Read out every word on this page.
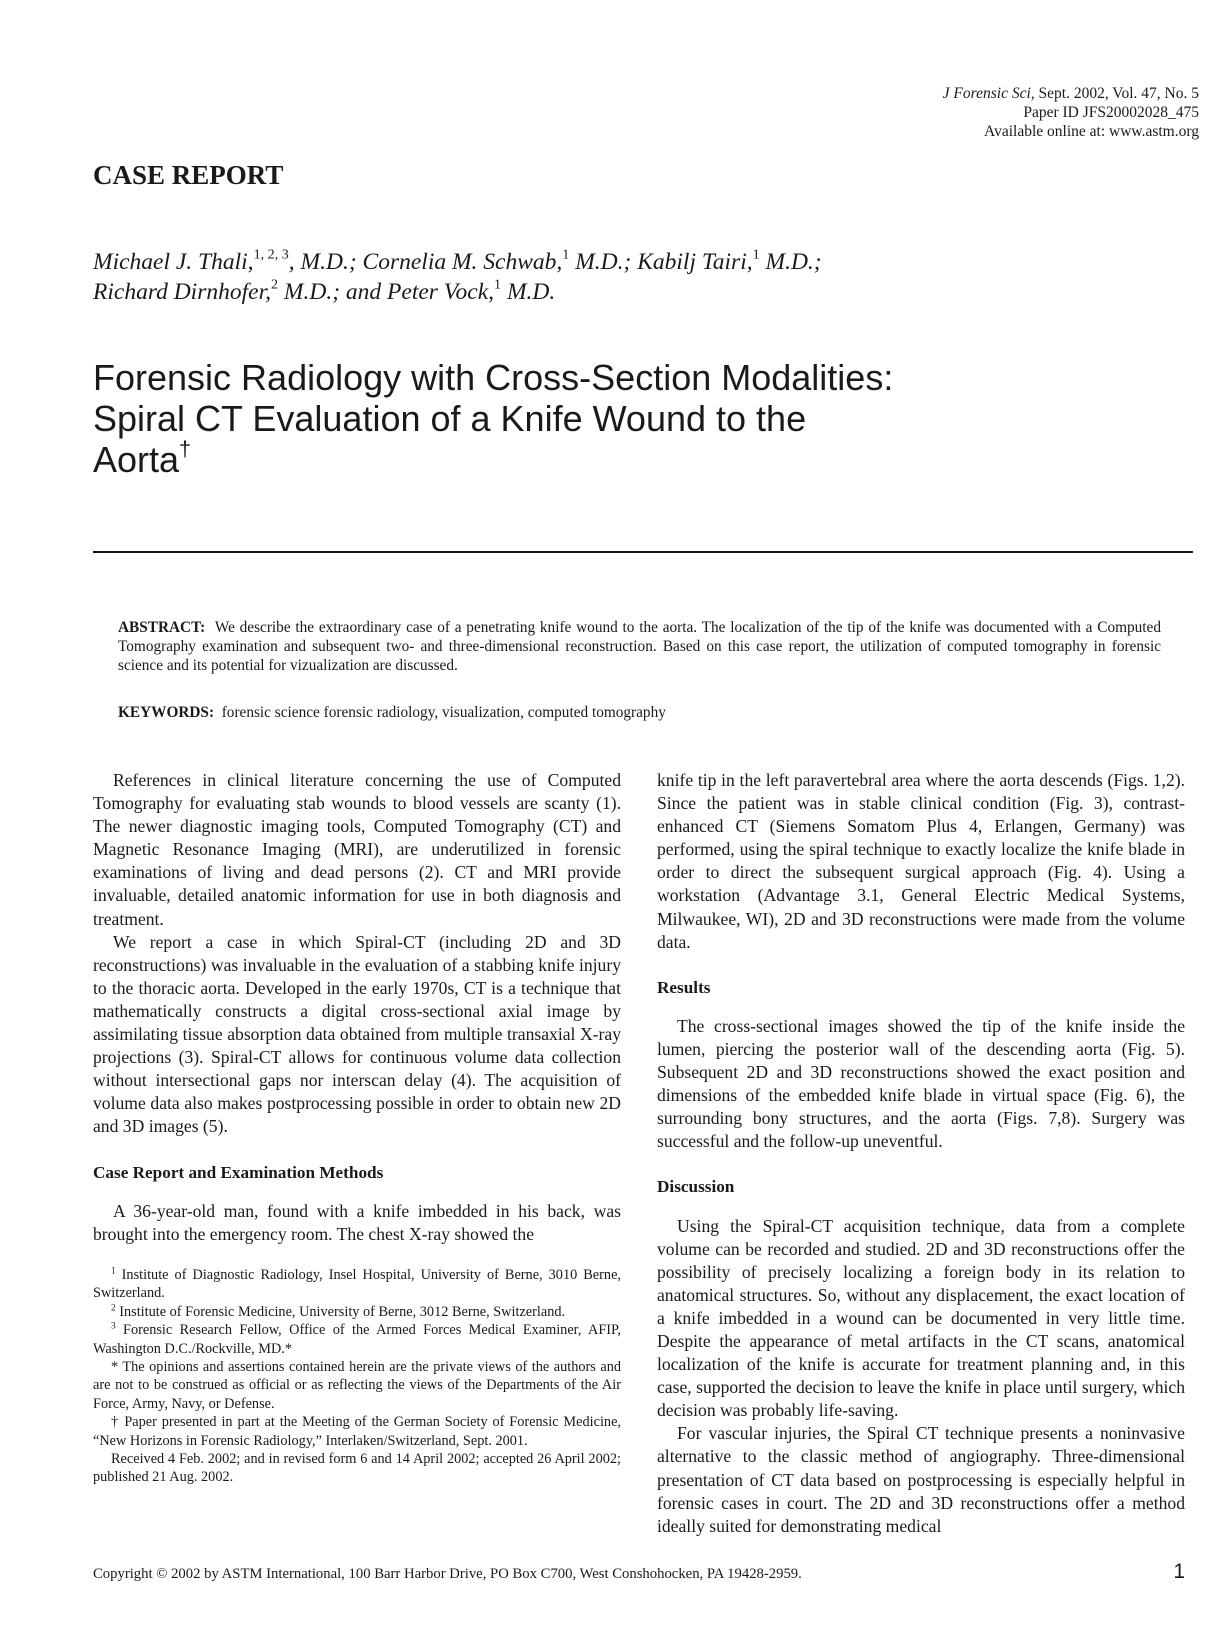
J Forensic Sci, Sept. 2002, Vol. 47, No. 5
Paper ID JFS20002028_475
Available online at: www.astm.org
CASE REPORT
Michael J. Thali,$^{1, 2, 3}$, M.D.; Cornelia M. Schwab,$^1$ M.D.; Kabilj Tairi,$^1$ M.D.;
Richard Dirnhofer,$^2$ M.D.; and Peter Vock,$^1$ M.D.
Forensic Radiology with Cross-Section Modalities:
Spiral CT Evaluation of a Knife Wound to the
Aorta†
ABSTRACT: We describe the extraordinary case of a penetrating knife wound to the aorta. The localization of the tip of the knife was documented with a Computed Tomography examination and subsequent two- and three-dimensional reconstruction. Based on this case report, the utilization of computed tomography in forensic science and its potential for vizualization are discussed.
KEYWORDS: forensic science forensic radiology, visualization, computed tomography

References in clinical literature concerning the use of Computed Tomography for evaluating stab wounds to blood vessels are scanty (1). The newer diagnostic imaging tools, Computed Tomography (CT) and Magnetic Resonance Imaging (MRI), are underutilized in forensic examinations of living and dead persons (2). CT and MRI provide invaluable, detailed anatomic information for use in both diagnosis and treatment.

We report a case in which Spiral-CT (including 2D and 3D reconstructions) was invaluable in the evaluation of a stabbing knife injury to the thoracic aorta. Developed in the early 1970s, CT is a technique that mathematically constructs a digital cross-sectional axial image by assimilating tissue absorption data obtained from multiple transaxial X-ray projections (3). Spiral-CT allows for continuous volume data collection without intersectional gaps nor interscan delay (4). The acquisition of volume data also makes postprocessing possible in order to obtain new 2D and 3D images (5).

Case Report and Examination Methods

A 36-year-old man, found with a knife imbedded in his back, was brought into the emergency room. The chest X-ray showed the

$^1$ Institute of Diagnostic Radiology, Insel Hospital, University of Berne, 3010 Berne, Switzerland.

$^2$ Institute of Forensic Medicine, University of Berne, 3012 Berne, Switzerland.

$^3$ Forensic Research Fellow, Office of the Armed Forces Medical Examiner, AFIP, Washington D.C./Rockville, MD.*

* The opinions and assertions contained herein are the private views of the authors and are not to be construed as official or as reflecting the views of the Departments of the Air Force, Army, Navy, or Defense.

† Paper presented in part at the Meeting of the German Society of Forensic Medicine, “New Horizons in Forensic Radiology,” Interlaken/Switzerland, Sept. 2001.

Received 4 Feb. 2002; and in revised form 6 and 14 April 2002; accepted 26 April 2002; published 21 Aug. 2002.

knife tip in the left paravertebral area where the aorta descends (Figs. 1,2). Since the patient was in stable clinical condition (Fig. 3), contrast-enhanced CT (Siemens Somatom Plus 4, Erlangen, Germany) was performed, using the spiral technique to exactly localize the knife blade in order to direct the subsequent surgical approach (Fig. 4). Using a workstation (Advantage 3.1, General Electric Medical Systems, Milwaukee, WI), 2D and 3D reconstructions were made from the volume data.

Results

The cross-sectional images showed the tip of the knife inside the lumen, piercing the posterior wall of the descending aorta (Fig. 5). Subsequent 2D and 3D reconstructions showed the exact position and dimensions of the embedded knife blade in virtual space (Fig. 6), the surrounding bony structures, and the aorta (Figs. 7,8). Surgery was successful and the follow-up uneventful.

Discussion

Using the Spiral-CT acquisition technique, data from a complete volume can be recorded and studied. 2D and 3D reconstructions offer the possibility of precisely localizing a foreign body in its relation to anatomical structures. So, without any displacement, the exact location of a knife imbedded in a wound can be documented in very little time. Despite the appearance of metal artifacts in the CT scans, anatomical localization of the knife is accurate for treatment planning and, in this case, supported the decision to leave the knife in place until surgery, which decision was probably life-saving.

For vascular injuries, the Spiral CT technique presents a noninvasive alternative to the classic method of angiography. Three-dimensional presentation of CT data based on postprocessing is especially helpful in forensic cases in court. The 2D and 3D reconstructions offer a method ideally suited for demonstrating medical

Copyright © 2002 by ASTM International, 100 Barr Harbor Drive, PO Box C700, West Conshohocken, PA 19428-2959.	1
